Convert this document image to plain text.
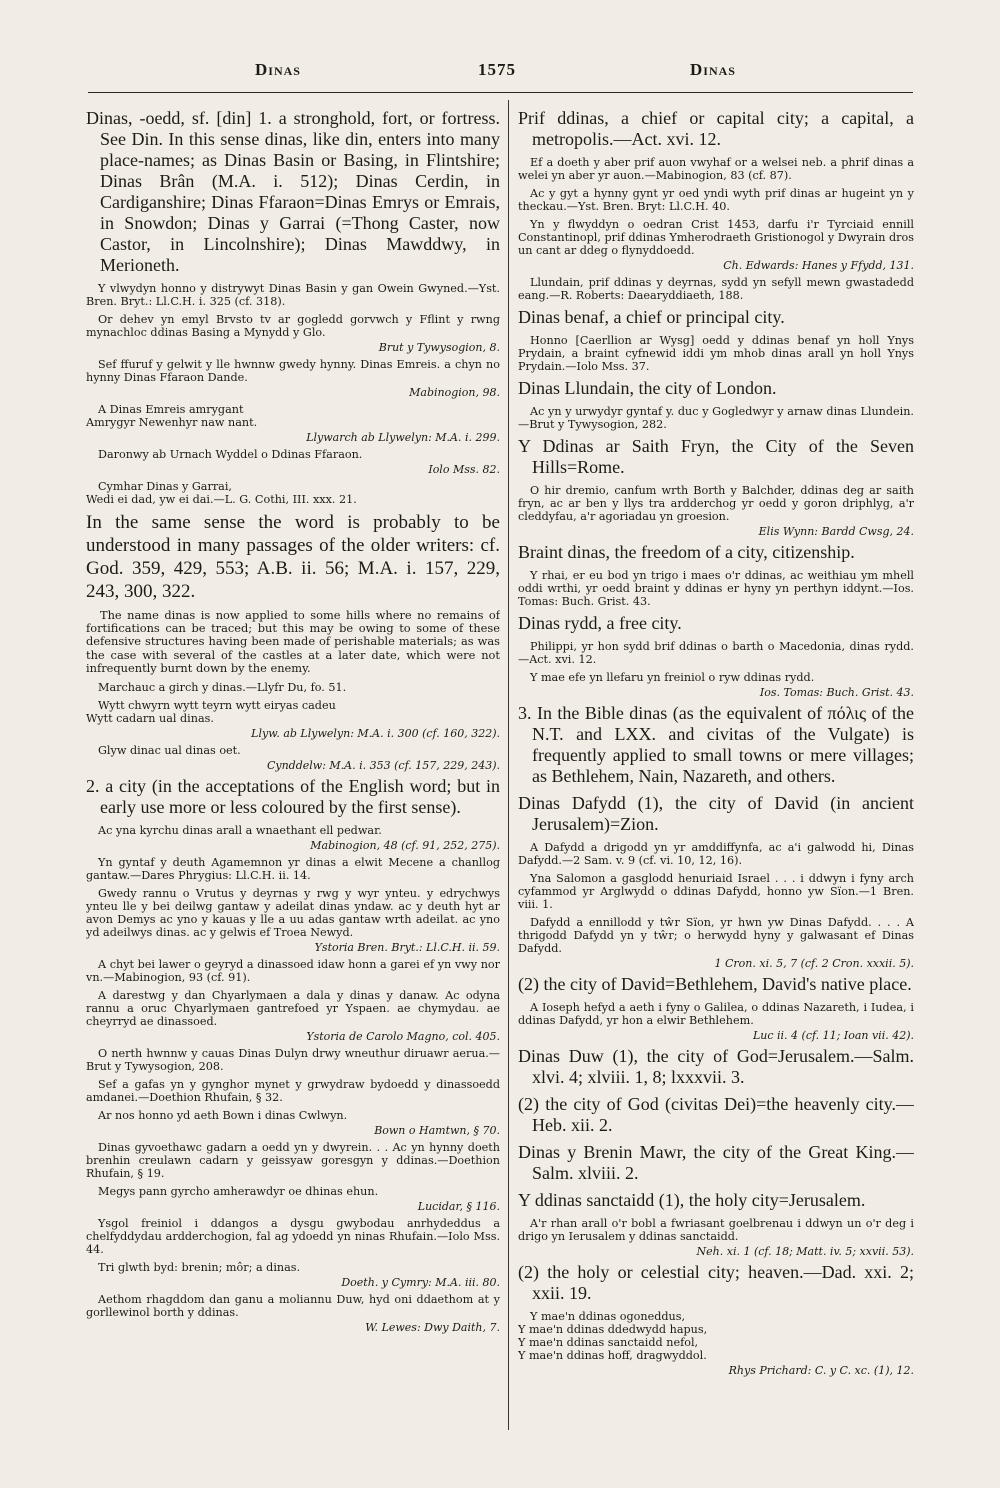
Dinas	1575	Dinas
Dinas, -oedd, sf. [din] 1. a stronghold, fort, or fortress. See Din. In this sense dinas, like din, enters into many place-names; as Dinas Basin or Basing, in Flintshire; Dinas Brân (M.A. i. 512); Dinas Cerdin, in Cardiganshire; Dinas Ffaraon=Dinas Emrys or Emrais, in Snowdon; Dinas y Garrai (=Thong Caster, now Castor, in Lincolnshire); Dinas Mawddwy, in Merioneth.
Y vlwydyn honno y distrywyt Dinas Basin y gan Owein Gwyned.—Yst. Bren. Bryt.: Ll.C.H. i. 325 (cf. 318).
Or dehev yn emyl Brvsto tv ar gogledd gorvwch y Fflint y rwng mynachloc ddinas Basing a Mynydd y Glo.
Brut y Tywysogion, 8.
Sef ffuruf y gelwit y lle hwnnw gwedy hynny. Dinas Emreis. a chyn no hynny Dinas Ffaraon Dande.
Mabinogion, 98.
A Dinas Emreis amrygant
Amrygyr Newenhyr naw nant.
Llywarch ab Llywelyn: M.A. i. 299.
Daronwy ab Urnach Wyddel o Ddinas Ffaraon.
Iolo Mss. 82.
Cymhar Dinas y Garrai,
Wedi ei dad, yw ei dai.—L. G. Cothi, III. xxx. 21.
In the same sense the word is probably to be understood in many passages of the older writers: cf. God. 359, 429, 553; A.B. ii. 56; M.A. i. 157, 229, 243, 300, 322.
The name dinas is now applied to some hills where no remains of fortifications can be traced; but this may be owing to some of these defensive structures having been made of perishable materials; as was the case with several of the castles at a later date, which were not infrequently burnt down by the enemy.
Marchauc a girch y dinas.—Llyfr Du, fo. 51.
Wytt chwyrn wytt teyrn wytt eiryas cadeu
Wytt cadarn ual dinas.
Llyw. ab Llywelyn: M.A. i. 300 (cf. 160, 322).
Glyw dinac ual dinas oet.
Cynddelw: M.A. i. 353 (cf. 157, 229, 243).
2. a city (in the acceptations of the English word; but in early use more or less coloured by the first sense).
Ac yna kyrchu dinas arall a wnaethant ell pedwar.
Mabinogion, 48 (cf. 91, 252, 275).
Yn gyntaf y deuth Agamemnon yr dinas a elwit Mecene a chanllog gantaw.—Dares Phrygius: Ll.C.H. ii. 14.
Gwedy rannu o Vrutus y deyrnas y rwg y wyr ynteu. y edrychwys ynteu lle y bei deilwg gantaw y adeilat dinas yndaw. ac y deuth hyt ar avon Demys ac yno y kauas y lle a uu adas gantaw wrth adeilat. ac yno yd adeilwys dinas. ac y gelwis ef Troea Newyd.
Ystoria Bren. Bryt.: Ll.C.H. ii. 59.
A chyt bei lawer o geyryd a dinassoed idaw honn a garei ef yn vwy nor vn.—Mabinogion, 93 (cf. 91).
A darestwg y dan Chyarlymaen a dala y dinas y danaw. Ac odyna rannu a oruc Chyarlymaen gantrefoed yr Yspaen. ae chymydau. ae cheyrryd ae dinassoed.
Ystoria de Carolo Magno, col. 405.
O nerth hwnnw y cauas Dinas Dulyn drwy wneuthur diruawr aerua.—Brut y Tywysogion, 208.
Sef a gafas yn y gynghor mynet y grwydraw bydoedd y dinassoedd amdanei.—Doethion Rhufain, § 32.
Ar nos honno yd aeth Bown i dinas Cwlwyn.
Bown o Hamtwn, § 70.
Dinas gyvoethawc gadarn a oedd yn y dwyrein. . . Ac yn hynny doeth brenhin creulawn cadarn y geissyaw goresgyn y ddinas.—Doethion Rhufain, § 19.
Megys pann gyrcho amherawdyr oe dhinas ehun.
Lucidar, § 116.
Ysgol freiniol i ddangos a dysgu gwybodau anrhydeddus a chelfyddydau ardderchogion, fal ag ydoedd yn ninas Rhufain.—Iolo Mss. 44.
Tri glwth byd: brenin; môr; a dinas.
Doeth. y Cymry: M.A. iii. 80.
Aethom rhagddom dan ganu a moliannu Duw, hyd oni ddaethom at y gorllewinol borth y ddinas.
W. Lewes: Dwy Daith, 7.
Prif ddinas, a chief or capital city; a capital, a metropolis.—Act. xvi. 12.
Ef a doeth y aber prif auon vwyhaf or a welsei neb. a phrif dinas a welei yn aber yr auon.—Mabinogion, 83 (cf. 87).
Ac y gyt a hynny gynt yr oed yndi wyth prif dinas ar hugeint yn y theckau.—Yst. Bren. Bryt: Ll.C.H. 40.
Yn y flwyddyn o oedran Crist 1453, darfu i'r Tyrciaid ennill Constantinopl, prif ddinas Ymherodraeth Gristionogol y Dwyrain dros un cant ar ddeg o flynyddoedd.
Ch. Edwards: Hanes y Ffydd, 131.
Llundain, prif ddinas y deyrnas, sydd yn sefyll mewn gwastadedd eang.—R. Roberts: Daearyddiaeth, 188.
Dinas benaf, a chief or principal city.
Honno [Caerllion ar Wysg] oedd y ddinas benaf yn holl Ynys Prydain, a braint cyfnewid iddi ym mhob dinas arall yn holl Ynys Prydain.—Iolo Mss. 37.
Dinas Llundain, the city of London.
Ac yn y urwydyr gyntaf y. duc y Gogledwyr y arnaw dinas Llundein.—Brut y Tywysogion, 282.
Y Ddinas ar Saith Fryn, the City of the Seven Hills=Rome.
O hir dremio, canfum wrth Borth y Balchder, ddinas deg ar saith fryn, ac ar ben y llys tra ardderchog yr oedd y goron driphlyg, a'r cleddyfau, a'r agoriadau yn groesion.
Elis Wynn: Bardd Cwsg, 24.
Braint dinas, the freedom of a city, citizenship.
Y rhai, er eu bod yn trigo i maes o'r ddinas, ac weithiau ym mhell oddi wrthi, yr oedd braint y ddinas er hyny yn perthyn iddynt.—Ios. Tomas: Buch. Grist. 43.
Dinas rydd, a free city.
Philippi, yr hon sydd brif ddinas o barth o Macedonia, dinas rydd.—Act. xvi. 12.
Y mae efe yn llefaru yn freiniol o ryw ddinas rydd.
Ios. Tomas: Buch. Grist. 43.
3. In the Bible dinas (as the equivalent of πόλις of the N.T. and LXX. and civitas of the Vulgate) is frequently applied to small towns or mere villages; as Bethlehem, Nain, Nazareth, and others.
Dinas Dafydd (1), the city of David (in ancient Jerusalem)=Zion.
A Dafydd a drigodd yn yr amddiffynfa, ac a'i galwodd hi, Dinas Dafydd.—2 Sam. v. 9 (cf. vi. 10, 12, 16).
Yna Salomon a gasglodd henuriaid Israel . . . i ddwyn i fyny arch cyfammod yr Arglwydd o ddinas Dafydd, honno yw Sïon.—1 Bren. viii. 1.
Dafydd a ennillodd y tŵr Sïon, yr hwn yw Dinas Dafydd. . . . A thrigodd Dafydd yn y tŵr; o herwydd hyny y galwasant ef Dinas Dafydd.
1 Cron. xi. 5, 7 (cf. 2 Cron. xxxii. 5).
(2) the city of David=Bethlehem, David's native place.
A Ioseph hefyd a aeth i fyny o Galilea, o ddinas Nazareth, i Iudea, i ddinas Dafydd, yr hon a elwir Bethlehem.
Luc ii. 4 (cf. 11; Ioan vii. 42).
Dinas Duw (1), the city of God=Jerusalem.—Salm. xlvi. 4; xlviii. 1, 8; lxxxvii. 3.
(2) the city of God (civitas Dei)=the heavenly city.—Heb. xii. 2.
Dinas y Brenin Mawr, the city of the Great King.—Salm. xlviii. 2.
Y ddinas sanctaidd (1), the holy city=Jerusalem.
A'r rhan arall o'r bobl a fwriasant goelbrenau i ddwyn un o'r deg i drigo yn Ierusalem y ddinas sanctaidd.
Neh. xi. 1 (cf. 18; Matt. iv. 5; xxvii. 53).
(2) the holy or celestial city; heaven.—Dad. xxi. 2; xxii. 19.
Y mae'n ddinas ogoneddus,
Y mae'n ddinas ddedwydd hapus,
Y mae'n ddinas sanctaidd nefol,
Y mae'n ddinas hoff, dragwyddol.
Rhys Prichard: C. y C. xc. (1), 12.
